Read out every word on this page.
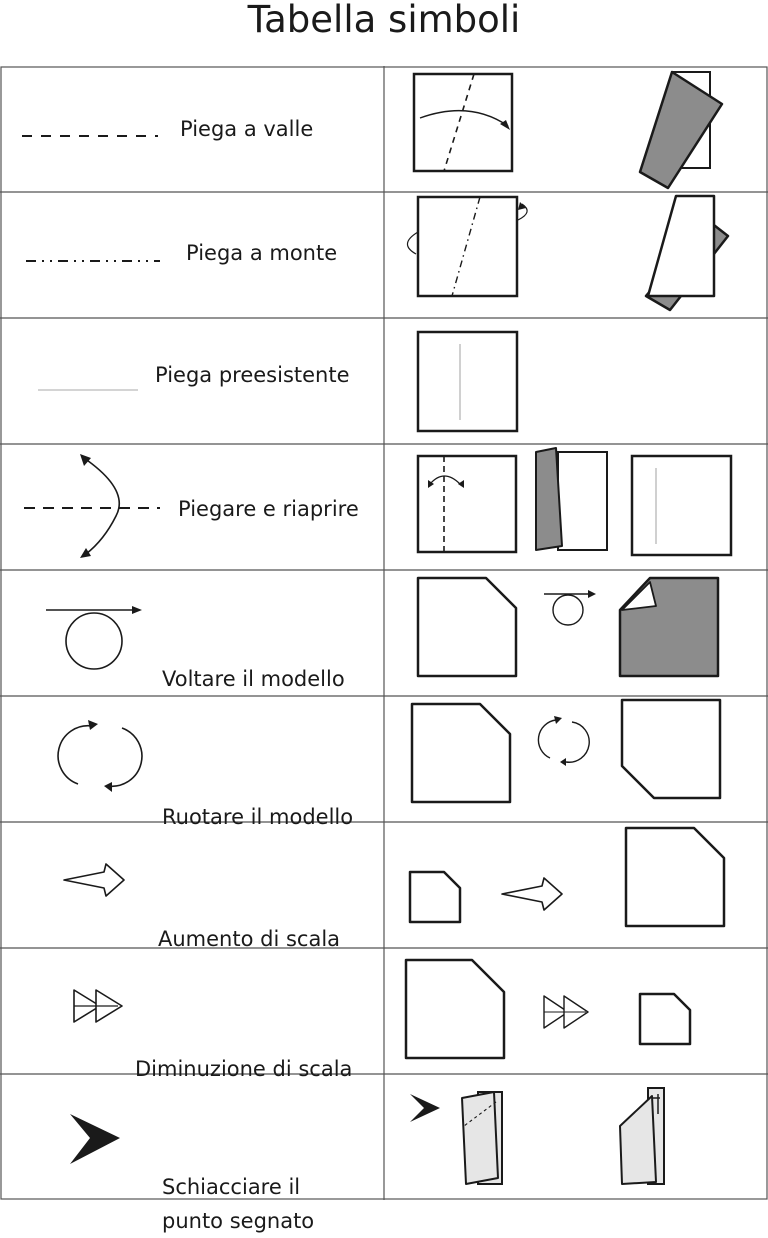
Tabella simboli
Piega a valle
Piega a monte
Piega preesistente
Piegare e riaprire
Voltare il modello
Ruotare il modello
Aumento di scala
Diminuzione di scala
Schiacciare il
punto segnato
